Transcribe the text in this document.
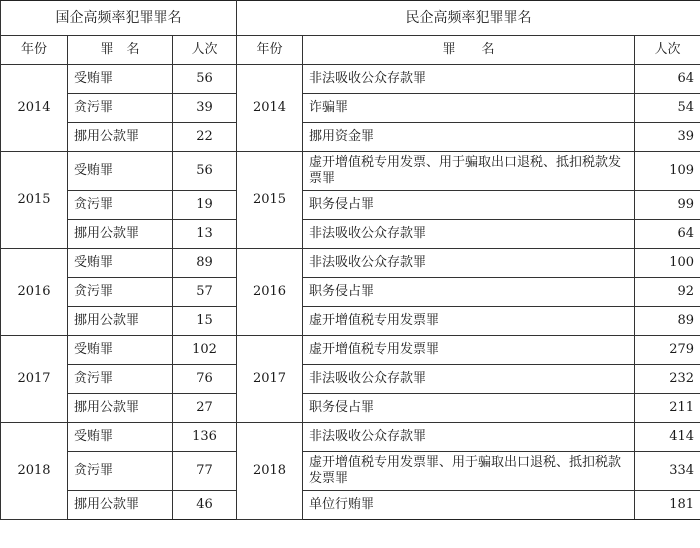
国企高频率犯罪罪名			民企高频率犯罪罪名		
年份	罪　名	人次	年份	罪　　名	人次
2014	受贿罪	56	2014	非法吸收公众存款罪	64
	贪污罪	39		诈骗罪	54
	挪用公款罪	22		挪用资金罪	39
2015	受贿罪	56	2015	虚开增值税专用发票、用于骗取出口退税、抵扣税款发票罪	109
	贪污罪	19		职务侵占罪	99
	挪用公款罪	13		非法吸收公众存款罪	64
2016	受贿罪	89	2016	非法吸收公众存款罪	100
	贪污罪	57		职务侵占罪	92
	挪用公款罪	15		虚开增值税专用发票罪	89
2017	受贿罪	102	2017	虚开增值税专用发票罪	279
	贪污罪	76		非法吸收公众存款罪	232
	挪用公款罪	27		职务侵占罪	211
2018	受贿罪	136	2018	非法吸收公众存款罪	414
	贪污罪	77		虚开增值税专用发票罪、用于骗取出口退税、抵扣税款发票罪	334
	挪用公款罪	46		单位行贿罪	181
